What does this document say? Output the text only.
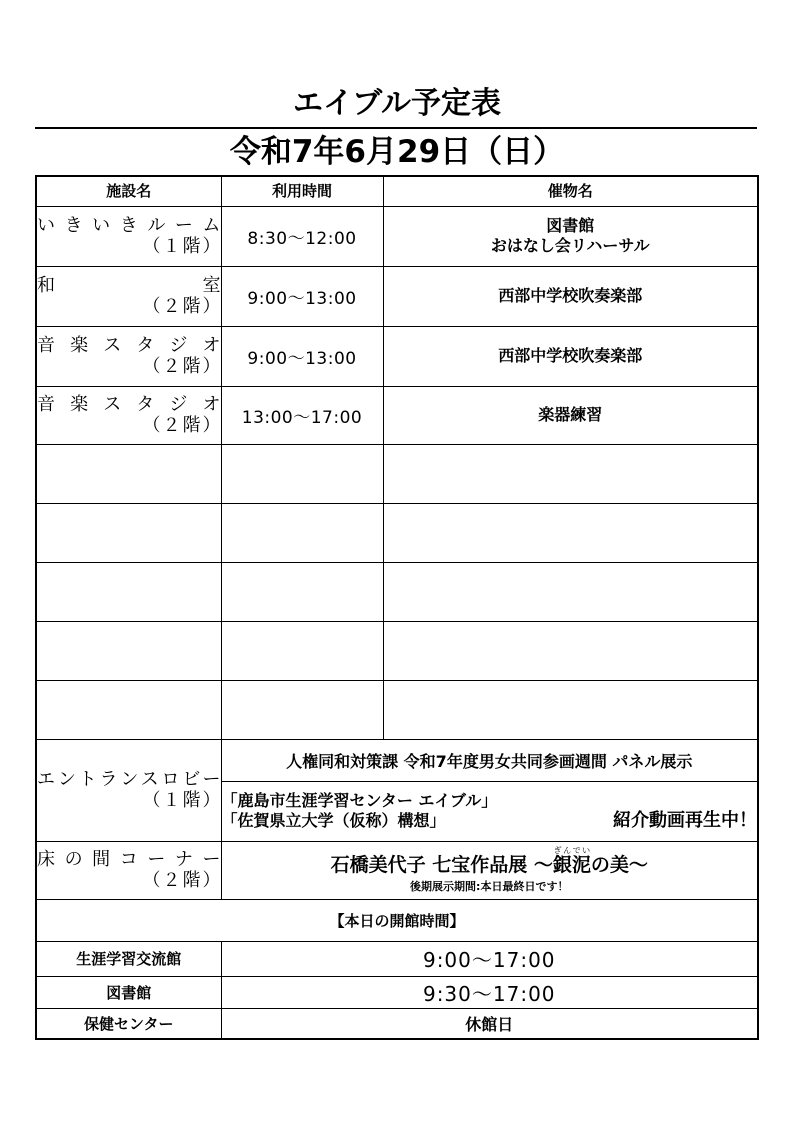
エイブル予定表
令和7年6月29日（日）
施設名	利用時間	催物名

いきいきルーム
（１階）	8:30～12:00	図書館
おはなし会リハーサル

和室
（２階）	9:00～13:00	西部中学校吹奏楽部

音楽スタジオ
（２階）	9:00～13:00	西部中学校吹奏楽部

音楽スタジオ
（２階）	13:00～17:00	楽器練習

エントランスロビー
（１階）	人権同和対策課 令和7年度男女共同参画週間 パネル展示	

	「鹿島市生涯学習センター エイブル」
「佐賀県立大学（仮称）構想」 紹介動画再生中！	

床の間コーナー
（２階）	石橋美代子 七宝作品展 ～銀泥ぎんでいの美～
後期展示期間:本日最終日です！	

【本日の開館時間】		
生涯学習交流館	9:00～17:00	
図書館	9:30～17:00	
保健センター	休館日	
